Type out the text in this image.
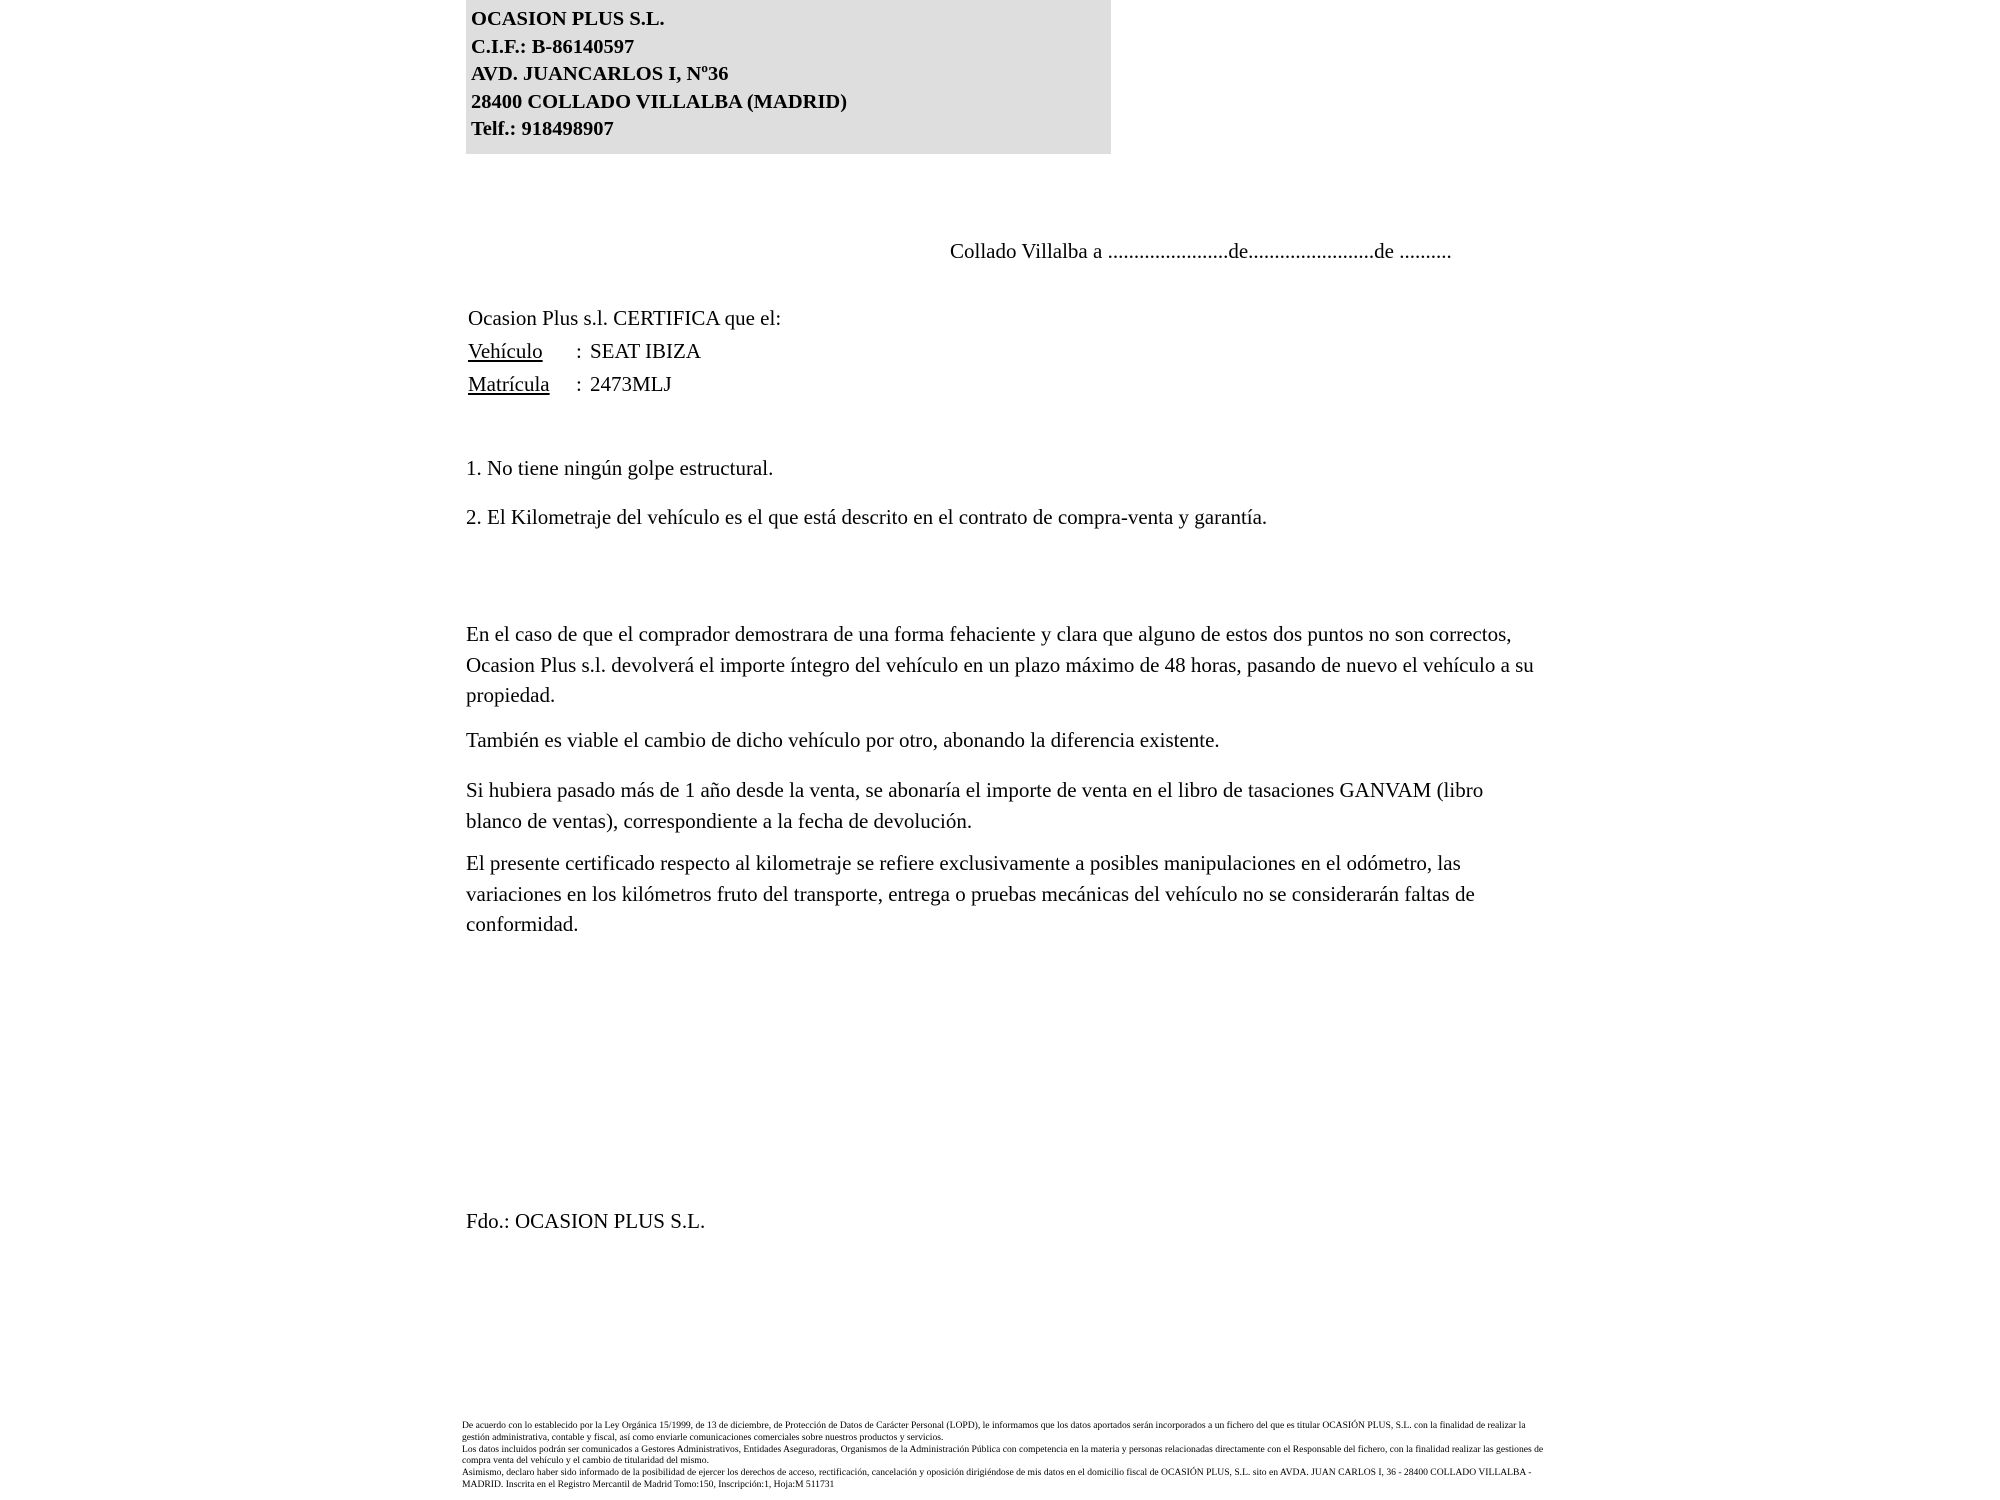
OCASION PLUS S.L.
C.I.F.: B-86140597
AVD. JUANCARLOS I, Nº36
28400 COLLADO VILLALBA (MADRID)
Telf.: 918498907
Collado Villalba a .......................de........................de ..........
Ocasion Plus s.l. CERTIFICA que el:
Vehículo : SEAT IBIZA
Matrícula : 2473MLJ
1. No tiene ningún golpe estructural.
2. El Kilometraje del vehículo es el que está descrito en el contrato de compra-venta y garantía.
En el caso de que el comprador demostrara de una forma fehaciente y clara que alguno de estos dos puntos no son correctos, Ocasion Plus s.l. devolverá el importe íntegro del vehículo en un plazo máximo de 48 horas, pasando de nuevo el vehículo a su propiedad.
También es viable el cambio de dicho vehículo por otro, abonando la diferencia existente.
Si hubiera pasado más de 1 año desde la venta, se abonaría el importe de venta en el libro de tasaciones GANVAM (libro blanco de ventas), correspondiente a la fecha de devolución.
El presente certificado respecto al kilometraje se refiere exclusivamente a posibles manipulaciones en el odómetro, las variaciones en los kilómetros fruto del transporte, entrega o pruebas mecánicas del vehículo no se considerarán faltas de conformidad.
Fdo.: OCASION PLUS S.L.

De acuerdo con lo establecido por la Ley Orgánica 15/1999, de 13 de diciembre, de Protección de Datos de Carácter Personal (LOPD), le informamos que los datos aportados serán incorporados a un fichero del que es titular OCASIÓN PLUS, S.L. con la finalidad de realizar la gestión administrativa, contable y fiscal, así como enviarle comunicaciones comerciales sobre nuestros productos y servicios.

Los datos incluidos podrán ser comunicados a Gestores Administrativos, Entidades Aseguradoras, Organismos de la Administración Pública con competencia en la materia y personas relacionadas directamente con el Responsable del fichero, con la finalidad realizar las gestiones de compra venta del vehículo y el cambio de titularidad del mismo.

Asimismo, declaro haber sido informado de la posibilidad de ejercer los derechos de acceso, rectificación, cancelación y oposición dirigiéndose de mis datos en el domicilio fiscal de OCASIÓN PLUS, S.L. sito en AVDA. JUAN CARLOS I, 36 - 28400 COLLADO VILLALBA - MADRID. Inscrita en el Registro Mercantil de Madrid Tomo:150, Inscripción:1, Hoja:M 511731
